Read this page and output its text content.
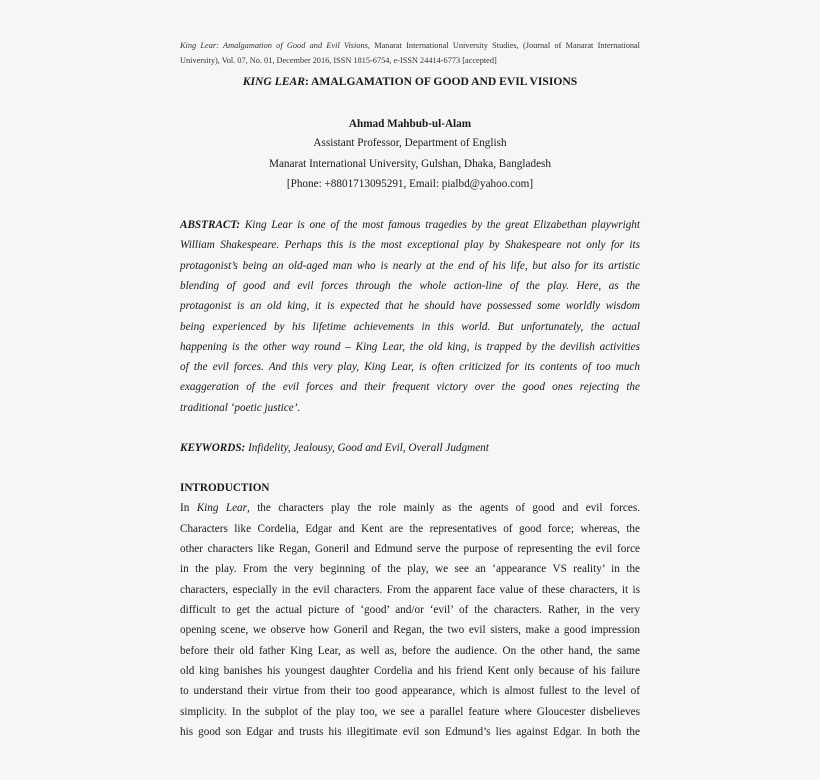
King Lear: Amalgamation of Good and Evil Visions, Manarat International University Studies, (Journal of Manarat International
University), Vol. 07, No. 01, December 2016, ISSN 1815-6754, e-ISSN 24414-6773 [accepted]
KING LEAR: AMALGAMATION OF GOOD AND EVIL VISIONS
Ahmad Mahbub-ul-Alam
Assistant Professor, Department of English
Manarat International University, Gulshan, Dhaka, Bangladesh
[Phone: +8801713095291, Email: pialbd@yahoo.com]
ABSTRACT: King Lear is one of the most famous tragedies by the great Elizabethan playwright
William Shakespeare. Perhaps this is the most exceptional play by Shakespeare not only for its
protagonist’s being an old-aged man who is nearly at the end of his life, but also for its artistic
blending of good and evil forces through the whole action-line of the play. Here, as the
protagonist is an old king, it is expected that he should have possessed some worldly wisdom
being experienced by his lifetime achievements in this world. But unfortunately, the actual
happening is the other way round – King Lear, the old king, is trapped by the devilish activities
of the evil forces. And this very play, King Lear, is often criticized for its contents of too much
exaggeration of the evil forces and their frequent victory over the good ones rejecting the
traditional ‘poetic justice’.
KEYWORDS: Infidelity, Jealousy, Good and Evil, Overall Judgment
INTRODUCTION
In King Lear, the characters play the role mainly as the agents of good and evil forces.
Characters like Cordelia, Edgar and Kent are the representatives of good force; whereas, the
other characters like Regan, Goneril and Edmund serve the purpose of representing the evil force
in the play. From the very beginning of the play, we see an ‘appearance VS reality’ in the
characters, especially in the evil characters. From the apparent face value of these characters, it is
difficult to get the actual picture of ‘good’ and/or ‘evil’ of the characters. Rather, in the very
opening scene, we observe how Goneril and Regan, the two evil sisters, make a good impression
before their old father King Lear, as well as, before the audience. On the other hand, the same
old king banishes his youngest daughter Cordelia and his friend Kent only because of his failure
to understand their virtue from their too good appearance, which is almost fullest to the level of
simplicity. In the subplot of the play too, we see a parallel feature where Gloucester disbelieves
his good son Edgar and trusts his illegitimate evil son Edmund’s lies against Edgar. In both the
